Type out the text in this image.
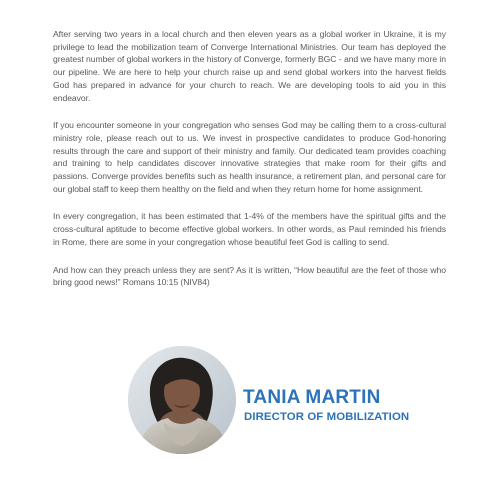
After serving two years in a local church and then eleven years as a global worker in Ukraine, it is my privilege to lead the mobilization team of Converge International Ministries. Our team has deployed the greatest number of global workers in the history of Converge, formerly BGC - and we have many more in our pipeline. We are here to help your church raise up and send global workers into the harvest fields God has prepared in advance for your church to reach. We are developing tools to aid you in this endeavor.

If you encounter someone in your congregation who senses God may be calling them to a cross-cultural ministry role, please reach out to us. We invest in prospective candidates to produce God-honoring results through the care and support of their ministry and family. Our dedicated team provides coaching and training to help candidates discover innovative strategies that make room for their gifts and passions. Converge provides benefits such as health insurance, a retirement plan, and personal care for our global staff to keep them healthy on the field and when they return home for home assignment.

In every congregation, it has been estimated that 1-4% of the members have the spiritual gifts and the cross-cultural aptitude to become effective global workers. In other words, as Paul reminded his friends in Rome, there are some in your congregation whose beautiful feet God is calling to send.

And how can they preach unless they are sent? As it is written, “How beautiful are the feet of those who bring good news!” Romans 10:15 (NIV84)

TANIA MARTIN
DIRECTOR OF MOBILIZATION
